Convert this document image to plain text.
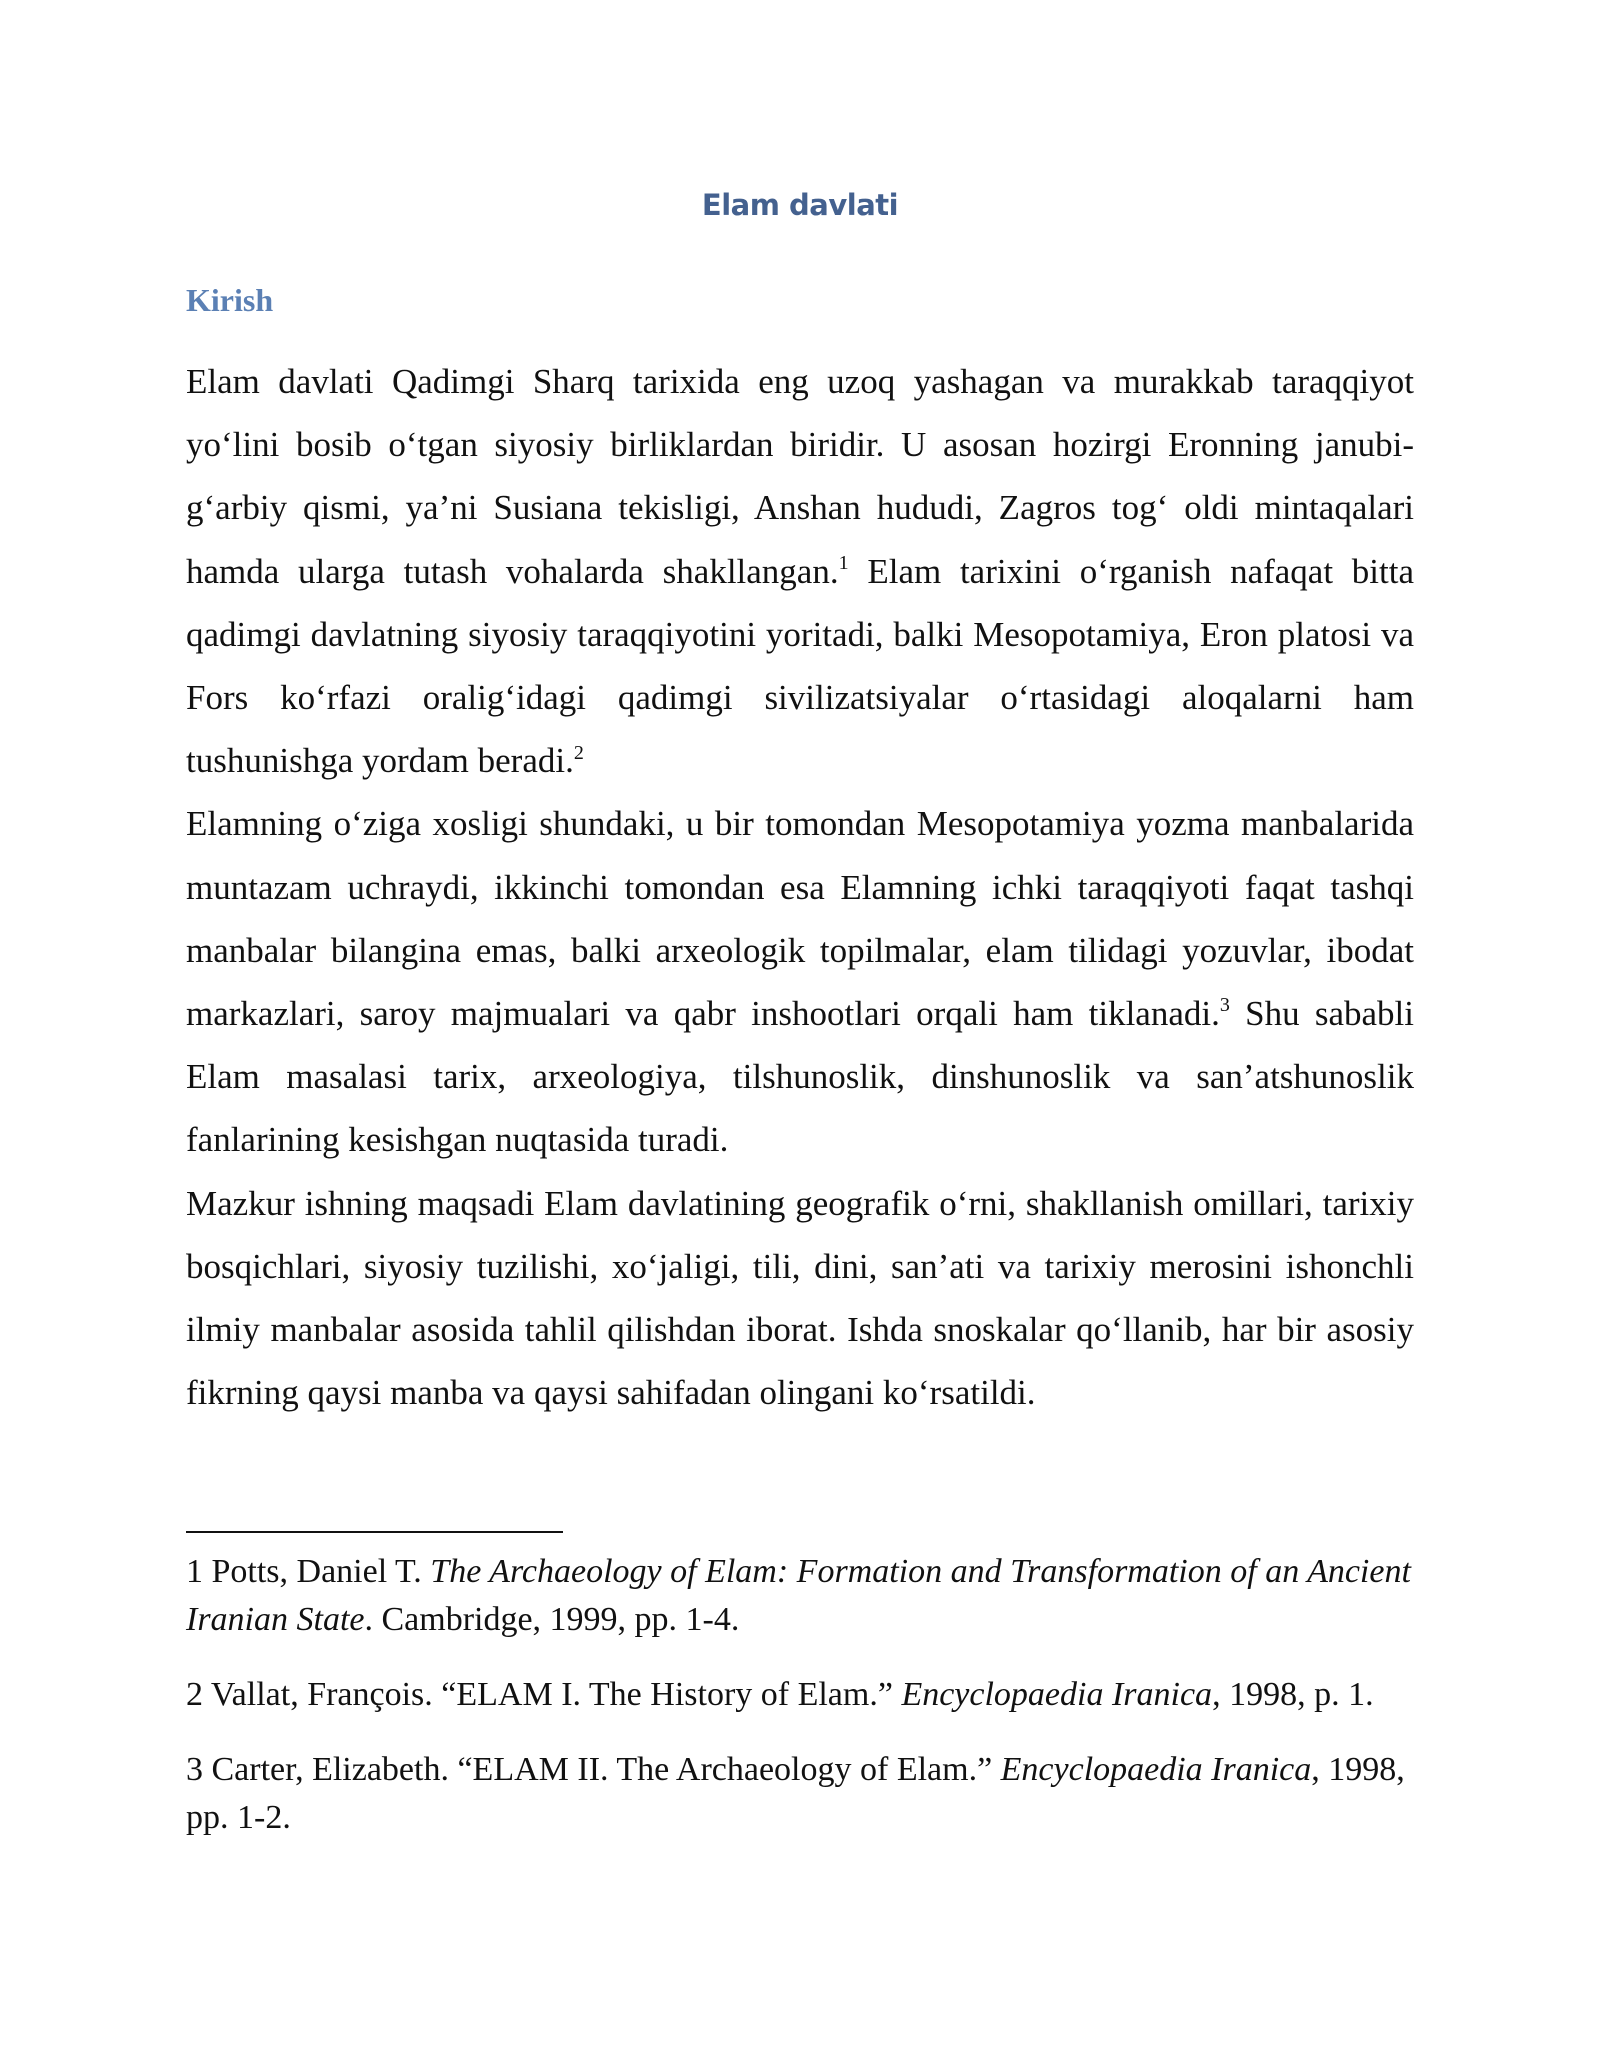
Elam davlati
Kirish

Elam davlati Qadimgi Sharq tarixida eng uzoq yashagan va murakkab taraqqiyot yo‘lini bosib o‘tgan siyosiy birliklardan biridir. U asosan hozirgi Eronning janubi-g‘arbiy qismi, ya’ni Susiana tekisligi, Anshan hududi, Zagros tog‘ oldi mintaqalari hamda ularga tutash vohalarda shakllangan.$^1$ Elam tarixini o‘rganish nafaqat bitta qadimgi davlatning siyosiy taraqqiyotini yoritadi, balki Mesopotamiya, Eron platosi va Fors ko‘rfazi oralig‘idagi qadimgi sivilizatsiyalar o‘rtasidagi aloqalarni ham tushunishga yordam beradi.$^2$

Elamning o‘ziga xosligi shundaki, u bir tomondan Mesopotamiya yozma manbalarida muntazam uchraydi, ikkinchi tomondan esa Elamning ichki taraqqiyoti faqat tashqi manbalar bilangina emas, balki arxeologik topilmalar, elam tilidagi yozuvlar, ibodat markazlari, saroy majmualari va qabr inshootlari orqali ham tiklanadi.$^3$ Shu sababli Elam masalasi tarix, arxeologiya, tilshunoslik, dinshunoslik va san’atshunoslik fanlarining kesishgan nuqtasida turadi.

Mazkur ishning maqsadi Elam davlatining geografik o‘rni, shakllanish omillari, tarixiy bosqichlari, siyosiy tuzilishi, xo‘jaligi, tili, dini, san’ati va tarixiy merosini ishonchli ilmiy manbalar asosida tahlil qilishdan iborat. Ishda snoskalar qo‘llanib, har bir asosiy fikrning qaysi manba va qaysi sahifadan olingani ko‘rsatildi.

1 Potts, Daniel T. The Archaeology of Elam: Formation and Transformation of an Ancient Iranian State. Cambridge, 1999, pp. 1-4.

2 Vallat, François. “ELAM I. The History of Elam.” Encyclopaedia Iranica, 1998, p. 1.

3 Carter, Elizabeth. “ELAM II. The Archaeology of Elam.” Encyclopaedia Iranica, 1998, pp. 1-2.
